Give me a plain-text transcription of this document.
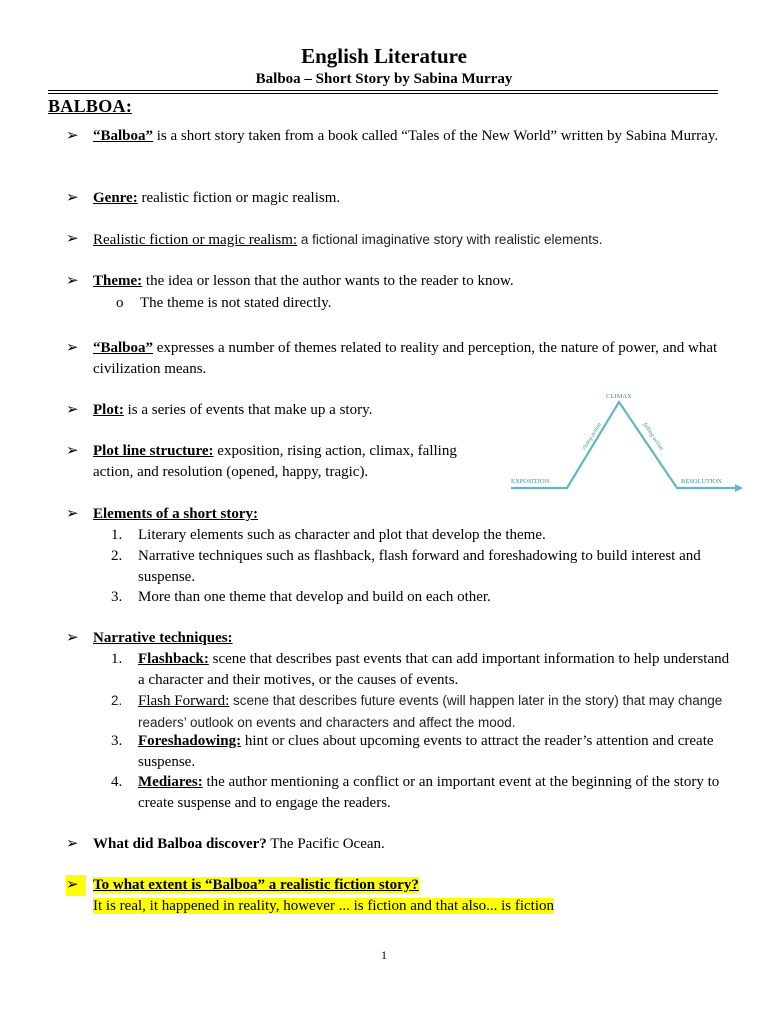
English Literature
Balboa – Short Story by Sabina Murray
BALBOA:
➢ “Balboa” is a short story taken from a book called “Tales of the New World” written by Sabina Murray.
➢ Genre: realistic fiction or magic realism.
➢ Realistic fiction or magic realism: a fictional imaginative story with realistic elements.
➢ Theme: the idea or lesson that the author wants to the reader to know.
o The theme is not stated directly.
➢ “Balboa” expresses a number of themes related to reality and perception, the nature of power, and what civilization means.
➢ Plot: is a series of events that make up a story.
➢ Plot line structure: exposition, rising action, climax, falling action, and resolution (opened, happy, tragic).
CLIMAX
EXPOSITION	RESOLUTION
rising action	falling action
➢ Elements of a short story:
1.	Literary elements such as character and plot that develop the theme.
2.	Narrative techniques such as flashback, flash forward and foreshadowing to build interest and suspense.
3.	More than one theme that develop and build on each other.
➢ Narrative techniques:
1.	Flashback: scene that describes past events that can add important information to help understand a character and their motives, or the causes of events.
2.	Flash Forward: scene that describes future events (will happen later in the story) that may change readers’ outlook on events and characters and affect the mood.
3.	Foreshadowing: hint or clues about upcoming events to attract the reader’s attention and create suspense.
4.	Mediares: the author mentioning a conflict or an important event at the beginning of the story to create suspense and to engage the readers.
➢ What did Balboa discover? The Pacific Ocean.
➢ To what extent is “Balboa” a realistic fiction story?
It is real, it happened in reality, however ... is fiction and that also... is fiction
1
